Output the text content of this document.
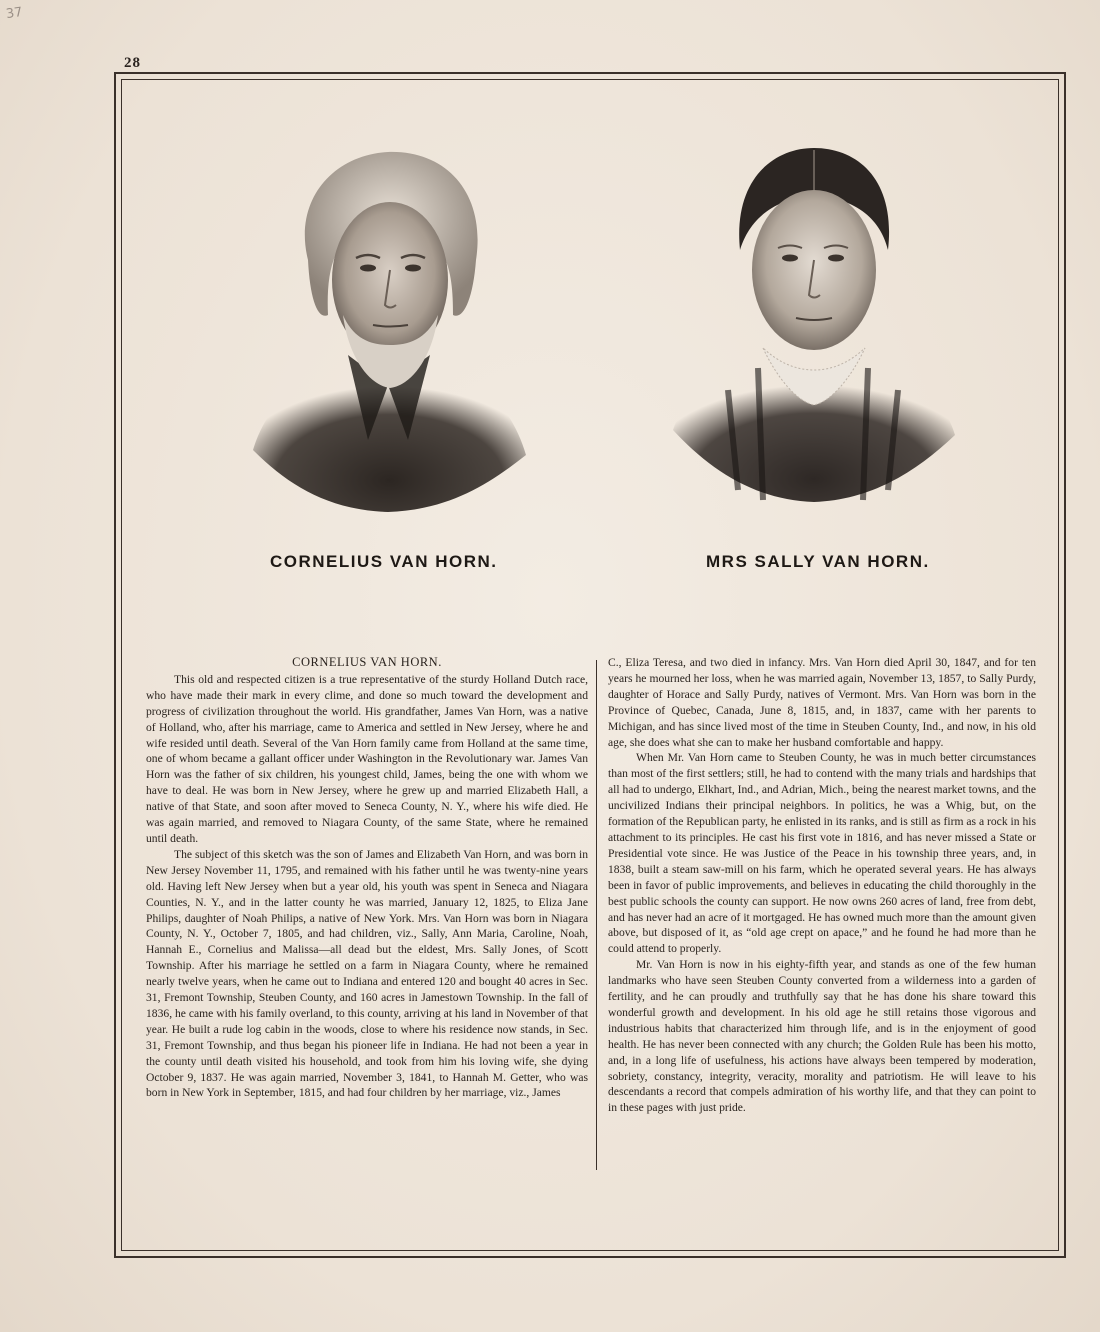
37
28
CORNELIUS VAN HORN.	MRS SALLY VAN HORN.
CORNELIUS VAN HORN.

This old and respected citizen is a true representative of the sturdy Holland Dutch race, who have made their mark in every clime, and done so much toward the development and progress of civilization throughout the world. His grandfather, James Van Horn, was a native of Holland, who, after his marriage, came to America and settled in New Jersey, where he and wife resided until death. Several of the Van Horn family came from Holland at the same time, one of whom became a gallant officer under Washington in the Revolutionary war. James Van Horn was the father of six children, his youngest child, James, being the one with whom we have to deal. He was born in New Jersey, where he grew up and married Elizabeth Hall, a native of that State, and soon after moved to Seneca County, N. Y., where his wife died. He was again married, and removed to Niagara County, of the same State, where he remained until death.

The subject of this sketch was the son of James and Elizabeth Van Horn, and was born in New Jersey November 11, 1795, and remained with his father until he was twenty-nine years old. Having left New Jersey when but a year old, his youth was spent in Seneca and Niagara Counties, N. Y., and in the latter county he was married, January 12, 1825, to Eliza Jane Philips, daughter of Noah Philips, a native of New York. Mrs. Van Horn was born in Niagara County, N. Y., October 7, 1805, and had children, viz., Sally, Ann Maria, Caroline, Noah, Hannah E., Cornelius and Malissa—all dead but the eldest, Mrs. Sally Jones, of Scott Township. After his marriage he settled on a farm in Niagara County, where he remained nearly twelve years, when he came out to Indiana and entered 120 and bought 40 acres in Sec. 31, Fremont Township, Steuben County, and 160 acres in Jamestown Township. In the fall of 1836, he came with his family overland, to this county, arriving at his land in November of that year. He built a rude log cabin in the woods, close to where his residence now stands, in Sec. 31, Fremont Township, and thus began his pioneer life in Indiana. He had not been a year in the county until death visited his household, and took from him his loving wife, she dying October 9, 1837. He was again married, November 3, 1841, to Hannah M. Getter, who was born in New York in September, 1815, and had four children by her marriage, viz., James

C., Eliza Teresa, and two died in infancy. Mrs. Van Horn died April 30, 1847, and for ten years he mourned her loss, when he was married again, November 13, 1857, to Sally Purdy, daughter of Horace and Sally Purdy, natives of Vermont. Mrs. Van Horn was born in the Province of Quebec, Canada, June 8, 1815, and, in 1837, came with her parents to Michigan, and has since lived most of the time in Steuben County, Ind., and now, in his old age, she does what she can to make her husband comfortable and happy.

When Mr. Van Horn came to Steuben County, he was in much better circumstances than most of the first settlers; still, he had to contend with the many trials and hardships that all had to undergo, Elkhart, Ind., and Adrian, Mich., being the nearest market towns, and the uncivilized Indians their principal neighbors. In politics, he was a Whig, but, on the formation of the Republican party, he enlisted in its ranks, and is still as firm as a rock in his attachment to its principles. He cast his first vote in 1816, and has never missed a State or Presidential vote since. He was Justice of the Peace in his township three years, and, in 1838, built a steam saw-mill on his farm, which he operated several years. He has always been in favor of public improvements, and believes in educating the child thoroughly in the best public schools the county can support. He now owns 260 acres of land, free from debt, and has never had an acre of it mortgaged. He has owned much more than the amount given above, but disposed of it, as “old age crept on apace,” and he found he had more than he could attend to properly.

Mr. Van Horn is now in his eighty-fifth year, and stands as one of the few human landmarks who have seen Steuben County converted from a wilderness into a garden of fertility, and he can proudly and truthfully say that he has done his share toward this wonderful growth and development. In his old age he still retains those vigorous and industrious habits that characterized him through life, and is in the enjoyment of good health. He has never been connected with any church; the Golden Rule has been his motto, and, in a long life of usefulness, his actions have always been tempered by moderation, sobriety, constancy, integrity, veracity, morality and patriotism. He will leave to his descendants a record that compels admiration of his worthy life, and that they can point to in these pages with just pride.
